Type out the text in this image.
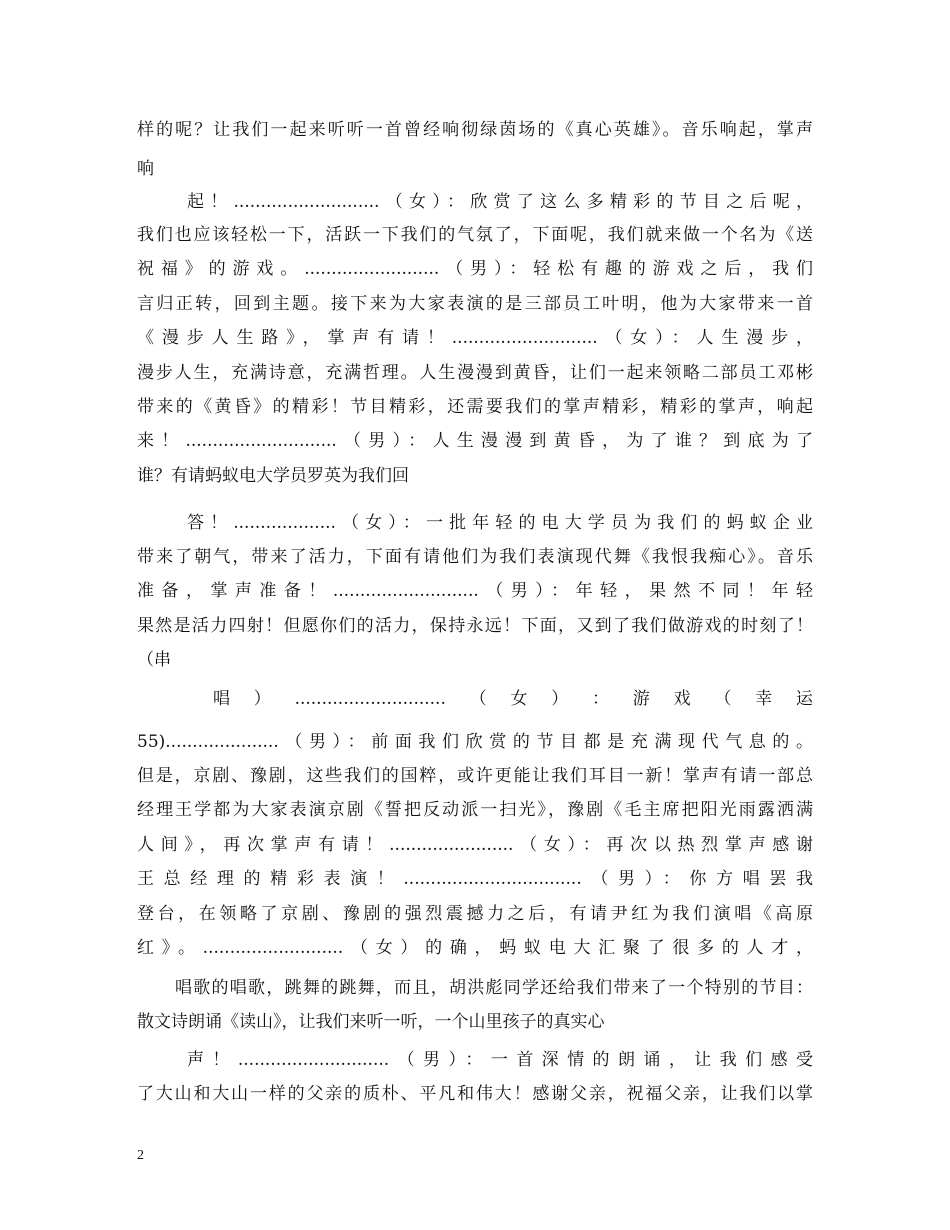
样的呢？让我们一起来听听一首曾经响彻绿茵场的《真心英雄》。音乐响起，掌声
响
起！...........................（女）：欣赏了这么多精彩的节目之后呢，
我们也应该轻松一下，活跃一下我们的气氛了，下面呢，我们就来做一个名为《送
祝福》的游戏。.........................（男）：轻松有趣的游戏之后，我们
言归正转，回到主题。接下来为大家表演的是三部员工叶明，他为大家带来一首
《漫步人生路》，掌声有请！...........................（女）：人生漫步，
漫步人生，充满诗意，充满哲理。人生漫漫到黄昏，让们一起来领略二部员工邓彬
带来的《黄昏》的精彩！节目精彩，还需要我们的掌声精彩，精彩的掌声，响起
来！............................（男）：人生漫漫到黄昏，为了谁？到底为了
谁？有请蚂蚁电大学员罗英为我们回
答！...................（女）：一批年轻的电大学员为我们的蚂蚁企业
带来了朝气，带来了活力，下面有请他们为我们表演现代舞《我恨我痴心》。音乐
准备，掌声准备！...........................（男）：年轻，果然不同！年轻
果然是活力四射！但愿你们的活力，保持永远！下面，又到了我们做游戏的时刻了！
（串
唱 ） ............................ （ 女 ） ： 游 戏 （ 幸 运
55).....................（男）：前面我们欣赏的节目都是充满现代气息的。
但是，京剧、豫剧，这些我们的国粹，或许更能让我们耳目一新！掌声有请一部总
经理王学都为大家表演京剧《誓把反动派一扫光》，豫剧《毛主席把阳光雨露洒满
人间》，再次掌声有请！.......................（女）：再次以热烈掌声感谢
王总经理的精彩表演！.................................（男）：你方唱罢我
登台，在领略了京剧、豫剧的强烈震撼力之后，有请尹红为我们演唱《高原
红》。..........................（女）的确，蚂蚁电大汇聚了很多的人才，
唱歌的唱歌，跳舞的跳舞，而且，胡洪彪同学还给我们带来了一个特别的节目：
散文诗朗诵《读山》，让我们来听一听，一个山里孩子的真实心
声！............................（男）：一首深情的朗诵，让我们感受
了大山和大山一样的父亲的质朴、平凡和伟大！感谢父亲，祝福父亲，让我们以掌
2
